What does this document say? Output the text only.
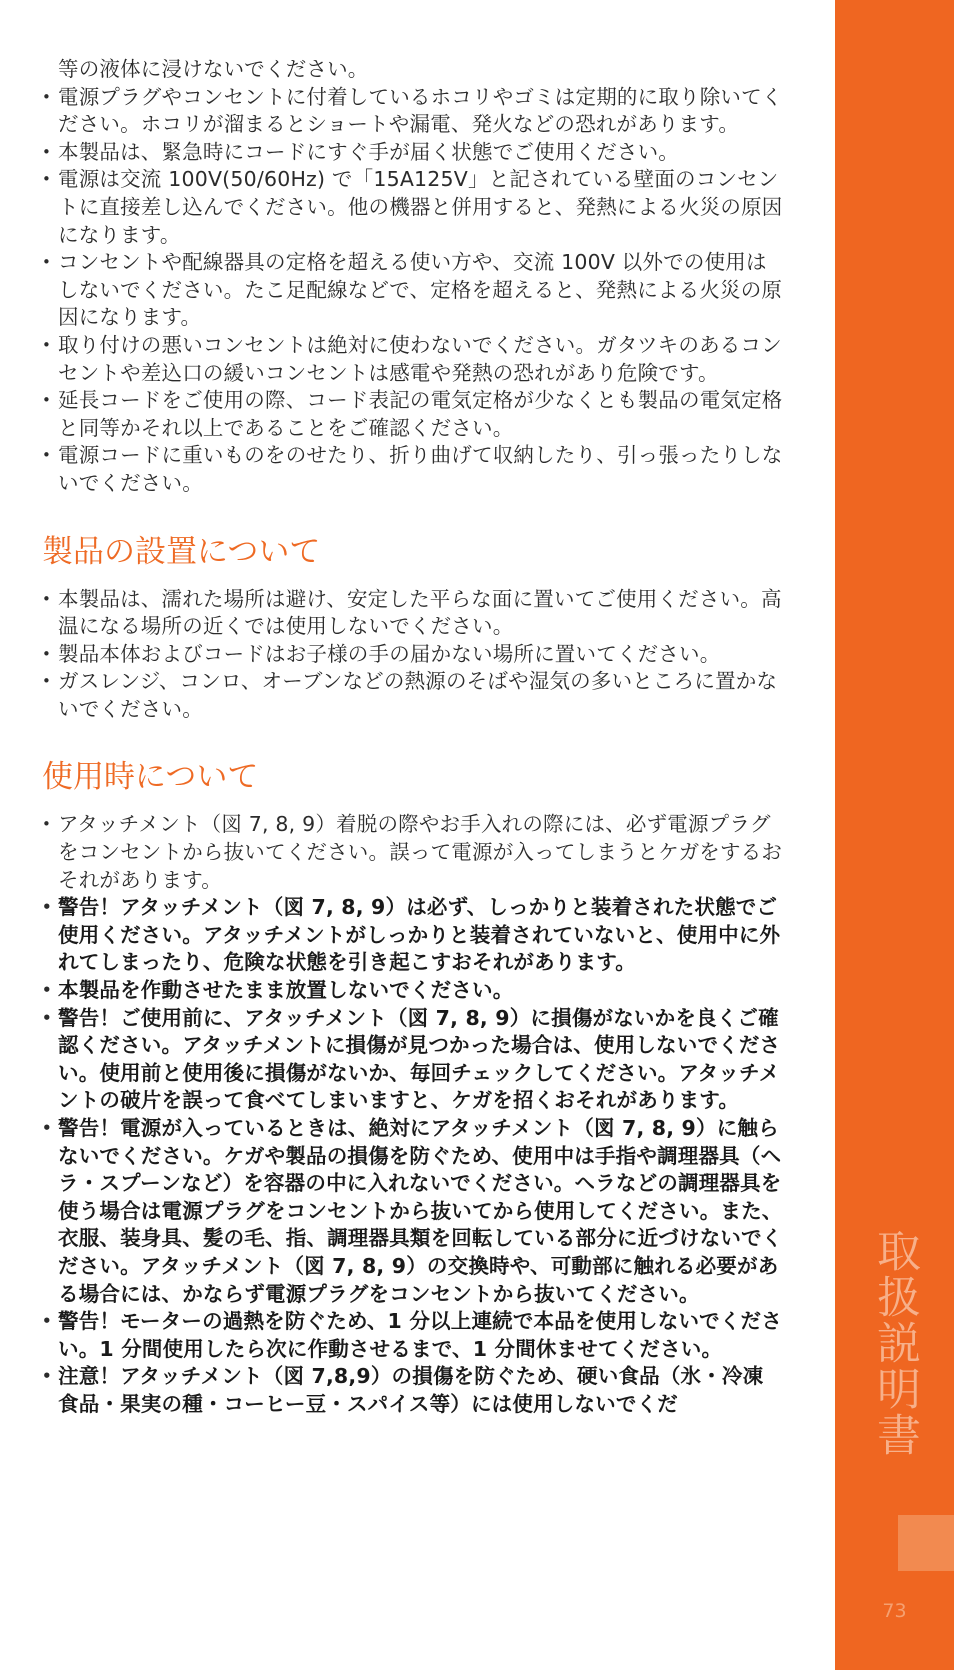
等の液体に浸けないでください。
• 電源プラグやコンセントに付着しているホコリやゴミは定期的に取り除いてください。ホコリが溜まるとショートや漏電、発火などの恐れがあります。
• 本製品は、緊急時にコードにすぐ手が届く状態でご使用ください。
• 電源は交流 100V(50/60Hz) で「15A125V」と記されている壁面のコンセントに直接差し込んでください。他の機器と併用すると、発熱による火災の原因になります。
• コンセントや配線器具の定格を超える使い方や、交流 100V 以外での使用はしないでください。たこ足配線などで、定格を超えると、発熱による火災の原因になります。
• 取り付けの悪いコンセントは絶対に使わないでください。ガタツキのあるコンセントや差込口の緩いコンセントは感電や発熱の恐れがあり危険です。
• 延長コードをご使用の際、コード表記の電気定格が少なくとも製品の電気定格と同等かそれ以上であることをご確認ください。
• 電源コードに重いものをのせたり、折り曲げて収納したり、引っ張ったりしないでください。
製品の設置について
• 本製品は、濡れた場所は避け、安定した平らな面に置いてご使用ください。高温になる場所の近くでは使用しないでください。
• 製品本体およびコードはお子様の手の届かない場所に置いてください。
• ガスレンジ、コンロ、オーブンなどの熱源のそばや湿気の多いところに置かないでください。
使用時について
• アタッチメント（図 7, 8, 9）着脱の際やお手入れの際には、必ず電源プラグをコンセントから抜いてください。誤って電源が入ってしまうとケガをするおそれがあります。
• 警告！アタッチメント（図 7, 8, 9）は必ず、しっかりと装着された状態でご使用ください。アタッチメントがしっかりと装着されていないと、使用中に外れてしまったり、危険な状態を引き起こすおそれがあります。
• 本製品を作動させたまま放置しないでください。
• 警告！ご使用前に、アタッチメント（図 7, 8, 9）に損傷がないかを良くご確認ください。アタッチメントに損傷が見つかった場合は、使用しないでください。使用前と使用後に損傷がないか、毎回チェックしてください。アタッチメントの破片を誤って食べてしまいますと、ケガを招くおそれがあります。
• 警告！電源が入っているときは、絶対にアタッチメント（図 7, 8, 9）に触らないでください。ケガや製品の損傷を防ぐため、使用中は手指や調理器具（ヘラ・スプーンなど）を容器の中に入れないでください。ヘラなどの調理器具を使う場合は電源プラグをコンセントから抜いてから使用してください。また、衣服、装身具、髪の毛、指、調理器具類を回転している部分に近づけないでください。アタッチメント（図 7, 8, 9）の交換時や、可動部に触れる必要がある場合には、かならず電源プラグをコンセントから抜いてください。
• 警告！モーターの過熱を防ぐため、1 分以上連続で本品を使用しないでください。1 分間使用したら次に作動させるまで、1 分間休ませてください。
• 注意！アタッチメント（図 7,8,9）の損傷を防ぐため、硬い食品（氷・冷凍食品・果実の種・コーヒー豆・スパイス等）には使用しないでくだ	取扱説明書
73
